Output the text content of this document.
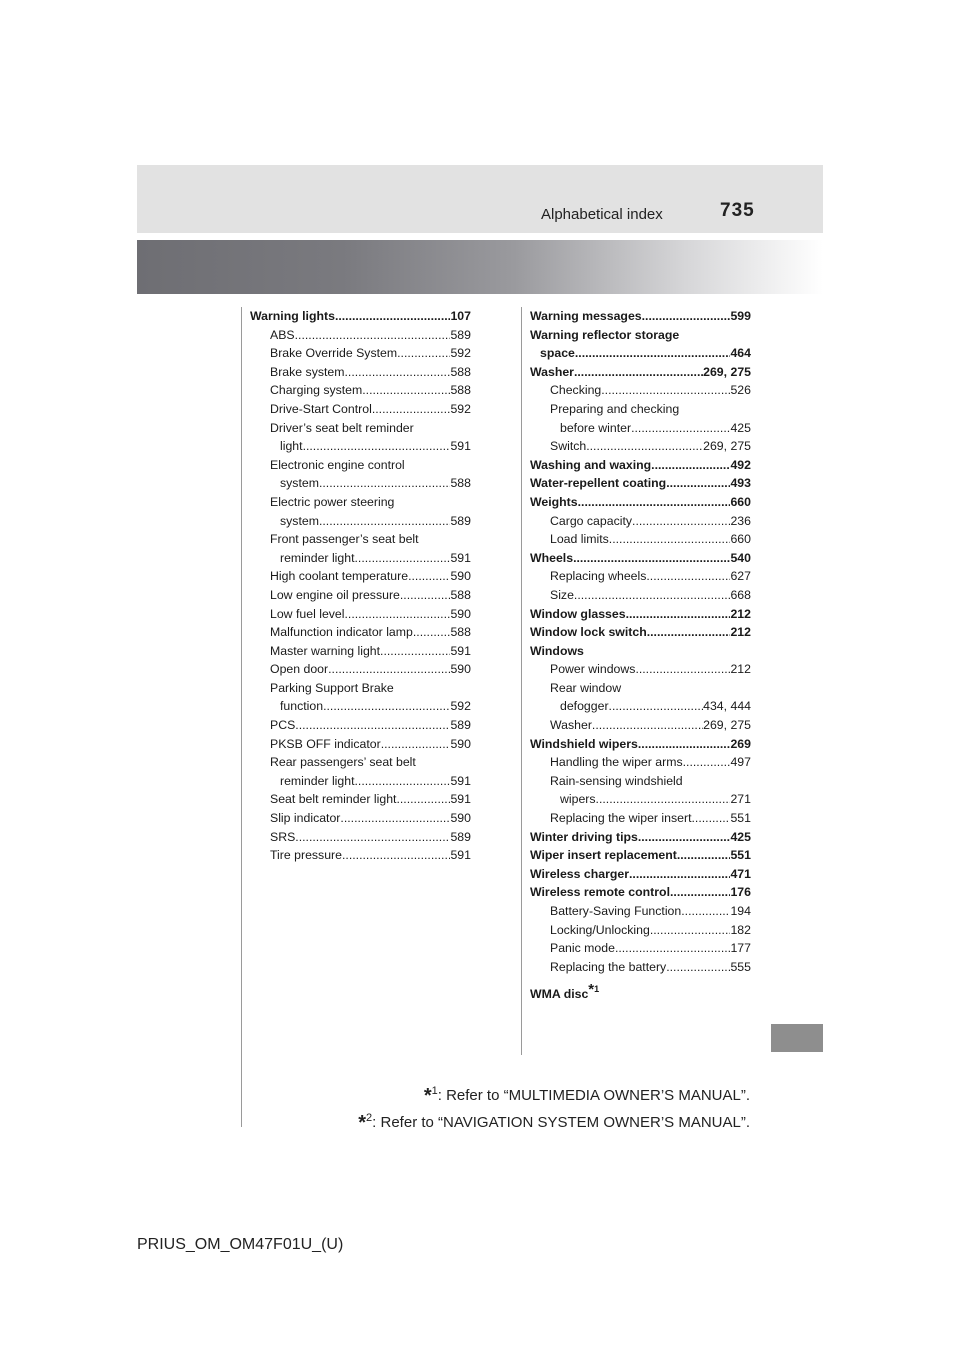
Alphabetical index	735
Warning lights .....	107
ABS .....	589
Brake Override System .....	592
Brake system .....	588
Charging system .....	588
Drive-Start Control .....	592
Driver’s seat belt reminder
light .....	591
Electronic engine control
system .....	588
Electric power steering
system .....	589
Front passenger’s seat belt
reminder light .....	591
High coolant temperature .....	590
Low engine oil pressure .....	588
Low fuel level .....	590
Malfunction indicator lamp .....	588
Master warning light .....	591
Open door .....	590
Parking Support Brake
function .....	592
PCS .....	589
PKSB OFF indicator .....	590
Rear passengers’ seat belt
reminder light .....	591
Seat belt reminder light .....	591
Slip indicator .....	590
SRS .....	589
Tire pressure .....	591
Warning messages .....	599
Warning reflector storage
space .....	464
Washer .....	269, 275
Checking .....	526
Preparing and checking
before winter .....	425
Switch .....	269, 275
Washing and waxing .....	492
Water-repellent coating .....	493
Weights .....	660
Cargo capacity .....	236
Load limits .....	660
Wheels .....	540
Replacing wheels .....	627
Size .....	668
Window glasses .....	212
Window lock switch .....	212
Windows
Power windows .....	212
Rear window
defogger .....	434, 444
Washer .....	269, 275
Windshield wipers .....	269
Handling the wiper arms .....	497
Rain-sensing windshield
wipers .....	271
Replacing the wiper insert .....	551
Winter driving tips .....	425
Wiper insert replacement .....	551
Wireless charger .....	471
Wireless remote control .....	176
Battery-Saving Function .....	194
Locking/Unlocking .....	182
Panic mode .....	177
Replacing the battery .....	555
WMA disc*$^1$
*$^1$: Refer to “MULTIMEDIA OWNER’S MANUAL”.
*$^2$: Refer to “NAVIGATION SYSTEM OWNER’S MANUAL”.
PRIUS_OM_OM47F01U_(U)
